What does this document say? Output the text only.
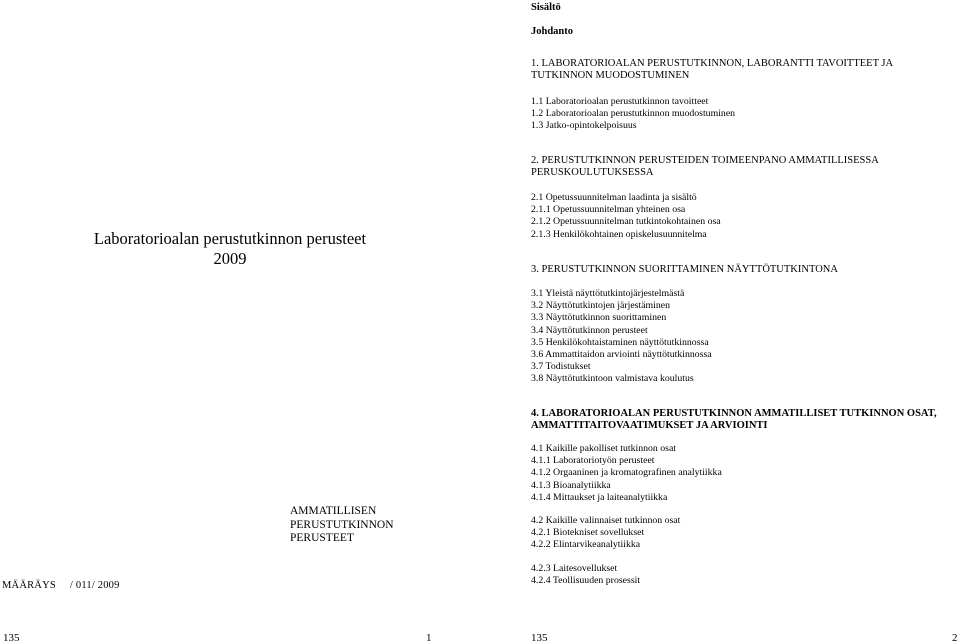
Laboratorioalan perustutkinnon perusteet
2009
AMMATILLISEN
PERUSTUTKINNON
PERUSTEET
MÄÄRÄYS / 011/ 2009
135	1
Sisältö
Johdanto
1. LABORATORIOALAN PERUSTUTKINNON, LABORANTTI TAVOITTEET JA
TUTKINNON MUODOSTUMINEN
1.1 Laboratorioalan perustutkinnon tavoitteet
1.2 Laboratorioalan perustutkinnon muodostuminen
1.3 Jatko-opintokelpoisuus
2. PERUSTUTKINNON PERUSTEIDEN TOIMEENPANO AMMATILLISESSA
PERUSKOULUTUKSESSA
2.1 Opetussuunnitelman laadinta ja sisältö
2.1.1 Opetussuunnitelman yhteinen osa
2.1.2 Opetussuunnitelman tutkintokohtainen osa
2.1.3 Henkilökohtainen opiskelusuunnitelma
3. PERUSTUTKINNON SUORITTAMINEN NÄYTTÖTUTKINTONA
3.1 Yleistä näyttötutkintojärjestelmästä
3.2 Näyttötutkintojen järjestäminen
3.3 Näyttötutkinnon suorittaminen
3.4 Näyttötutkinnon perusteet
3.5 Henkilökohtaistaminen näyttötutkinnossa
3.6 Ammattitaidon arviointi näyttötutkinnossa
3.7 Todistukset
3.8 Näyttötutkintoon valmistava koulutus
4. LABORATORIOALAN PERUSTUTKINNON AMMATILLISET TUTKINNON OSAT,
AMMATTITAITOVAATIMUKSET JA ARVIOINTI
4.1 Kaikille pakolliset tutkinnon osat
4.1.1 Laboratoriotyön perusteet
4.1.2 Orgaaninen ja kromatografinen analytiikka
4.1.3 Bioanalytiikka
4.1.4 Mittaukset ja laiteanalytiikka
4.2 Kaikille valinnaiset tutkinnon osat
4.2.1 Biotekniset sovellukset
4.2.2 Elintarvikeanalytiikka
4.2.3 Laitesovellukset
4.2.4 Teollisuuden prosessit
135	2
